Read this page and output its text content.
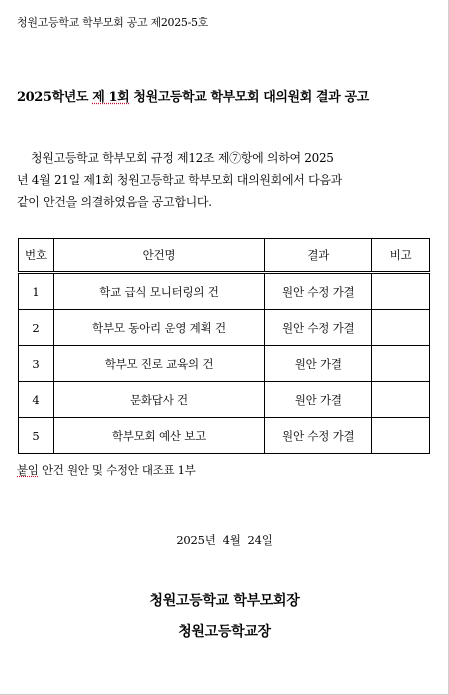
청원고등학교 학부모회 공고 제2025-5호
2025학년도 제 1회 청원고등학교 학부모회 대의원회 결과 공고
청원고등학교 학부모회 규정 제12조 제⑦항에 의하여 2025
년 4월 21일 제1회 청원고등학교 학부모회 대의원회에서 다음과
같이 안건을 의결하였음을 공고합니다.
번호	안건명	결과	비고
1	학교 급식 모니터링의 건	원안 수정 가결	
2	학부모 동아리 운영 계획 건	원안 수정 가결	
3	학부모 진로 교육의 건	원안 가결	
4	문화답사 건	원안 가결	
5	학부모회 예산 보고	원안 수정 가결	
붙임 안건 원안 및 수정안 대조표 1부
2025년  4월  24일
청원고등학교 학부모회장
청원고등학교장
